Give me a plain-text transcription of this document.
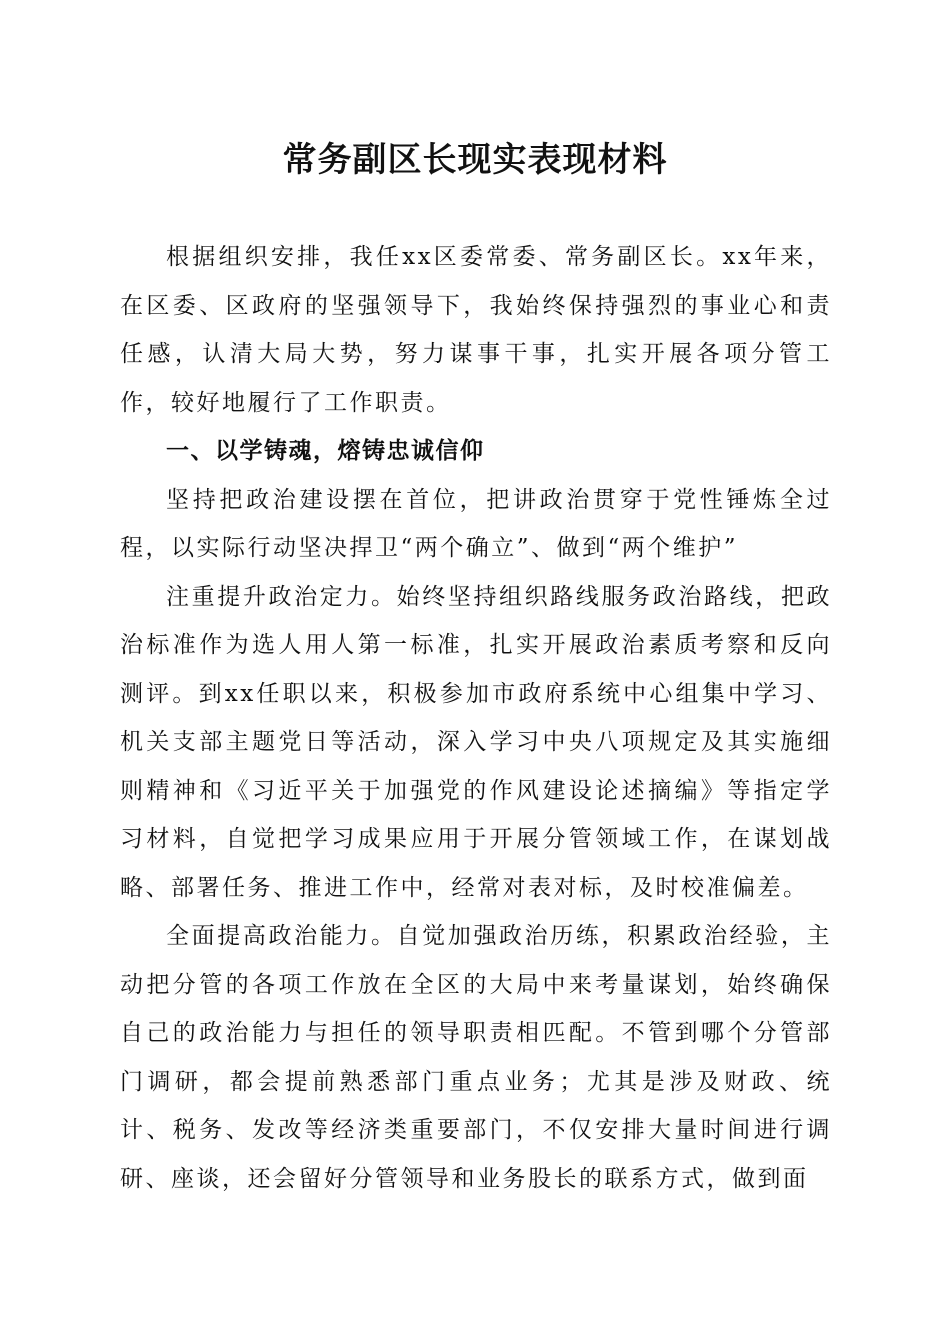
常务副区长现实表现材料

根据组织安排，我任xx区委常委、常务副区长。xx年来，在区委、区政府的坚强领导下，我始终保持强烈的事业心和责任感，认清大局大势，努力谋事干事，扎实开展各项分管工作，较好地履行了工作职责。

一、以学铸魂，熔铸忠诚信仰

坚持把政治建设摆在首位，把讲政治贯穿于党性锤炼全过程，以实际行动坚决捍卫“两个确立”、做到“两个维护”

注重提升政治定力。始终坚持组织路线服务政治路线，把政治标准作为选人用人第一标准，扎实开展政治素质考察和反向测评。到xx任职以来，积极参加市政府系统中心组集中学习、机关支部主题党日等活动，深入学习中央八项规定及其实施细则精神和《习近平关于加强党的作风建设论述摘编》等指定学习材料，自觉把学习成果应用于开展分管领域工作，在谋划战略、部署任务、推进工作中，经常对表对标，及时校准偏差。

全面提高政治能力。自觉加强政治历练，积累政治经验，主动把分管的各项工作放在全区的大局中来考量谋划，始终确保自己的政治能力与担任的领导职责相匹配。不管到哪个分管部门调研，都会提前熟悉部门重点业务；尤其是涉及财政、统计、税务、发改等经济类重要部门，不仅安排大量时间进行调研、座谈，还会留好分管领导和业务股长的联系方式，做到面
